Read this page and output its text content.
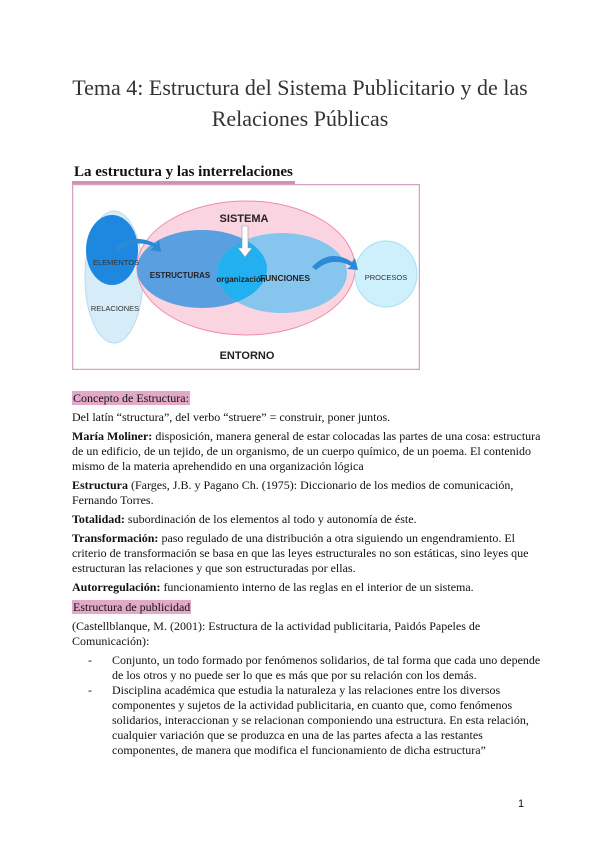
Tema 4: Estructura del Sistema Publicitario y de las Relaciones Públicas
La estructura y las interrelaciones
SISTEMA
ENTORNO
ESTRUCTURAS organización
FUNCIONES
ELEMENTOS
RELACIONES
PROCESOS

Concepto de Estructura:

Del latín “structura”, del verbo “struere” = construir, poner juntos.

María Moliner: disposición, manera general de estar colocadas las partes de una cosa: estructura de un edificio, de un tejido, de un organismo, de un cuerpo químico, de un poema. El contenido mismo de la materia aprehendido en una organización lógica

Estructura (Farges, J.B. y Pagano Ch. (1975): Diccionario de los medios de comunicación, Fernando Torres.

Totalidad: subordinación de los elementos al todo y autonomía de éste.

Transformación: paso regulado de una distribución a otra siguiendo un engendramiento. El criterio de transformación se basa en que las leyes estructurales no son estáticas, sino leyes que estructuran las relaciones y que son estructuradas por ellas.

Autorregulación: funcionamiento interno de las reglas en el interior de un sistema.

Estructura de publicidad

(Castellblanque, M. (2001): Estructura de la actividad publicitaria, Paidós Papeles de Comunicación):

- Conjunto, un todo formado por fenómenos solidarios, de tal forma que cada uno depende de los otros y no puede ser lo que es más que por su relación con los demás.
- Disciplina académica que estudia la naturaleza y las relaciones entre los diversos componentes y sujetos de la actividad publicitaria, en cuanto que, como fenómenos solidarios, interaccionan y se relacionan componiendo una estructura. En esta relación, cualquier variación que se produzca en una de las partes afecta a las restantes componentes, de manera que modifica el funcionamiento de dicha estructura”
1
